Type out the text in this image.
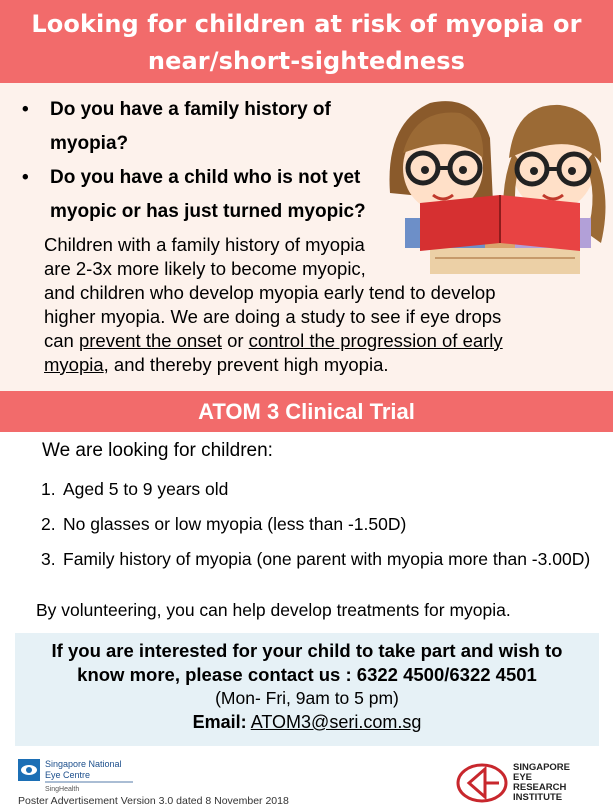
Looking for children at risk of myopia or
near/short-sightedness
• Do you have a family history of myopia?
• Do you have a child who is not yet myopic or has just turned myopic?
Children with a family history of myopia
are 2-3x more likely to become myopic,
and children who develop myopia early tend to develop
higher myopia. We are doing a study to see if eye drops
can prevent the onset or control the progression of early
myopia, and thereby prevent high myopia.
ATOM 3 Clinical Trial
We are looking for children:
1. Aged 5 to 9 years old
2. No glasses or low myopia (less than -1.50D)
3. Family history of myopia (one parent with myopia more than -3.00D)
By volunteering, you can help develop treatments for myopia.
If you are interested for your child to take part and wish to
know more, please contact us : 6322 4500/6322 4501
(Mon- Fri, 9am to 5 pm)
Email: ATOM3@seri.com.sg
Singapore National
Eye Centre
SingHealth
Poster Advertisement Version 3.0 dated 8 November 2018
SINGAPORE
EYE
RESEARCH
INSTITUTE
